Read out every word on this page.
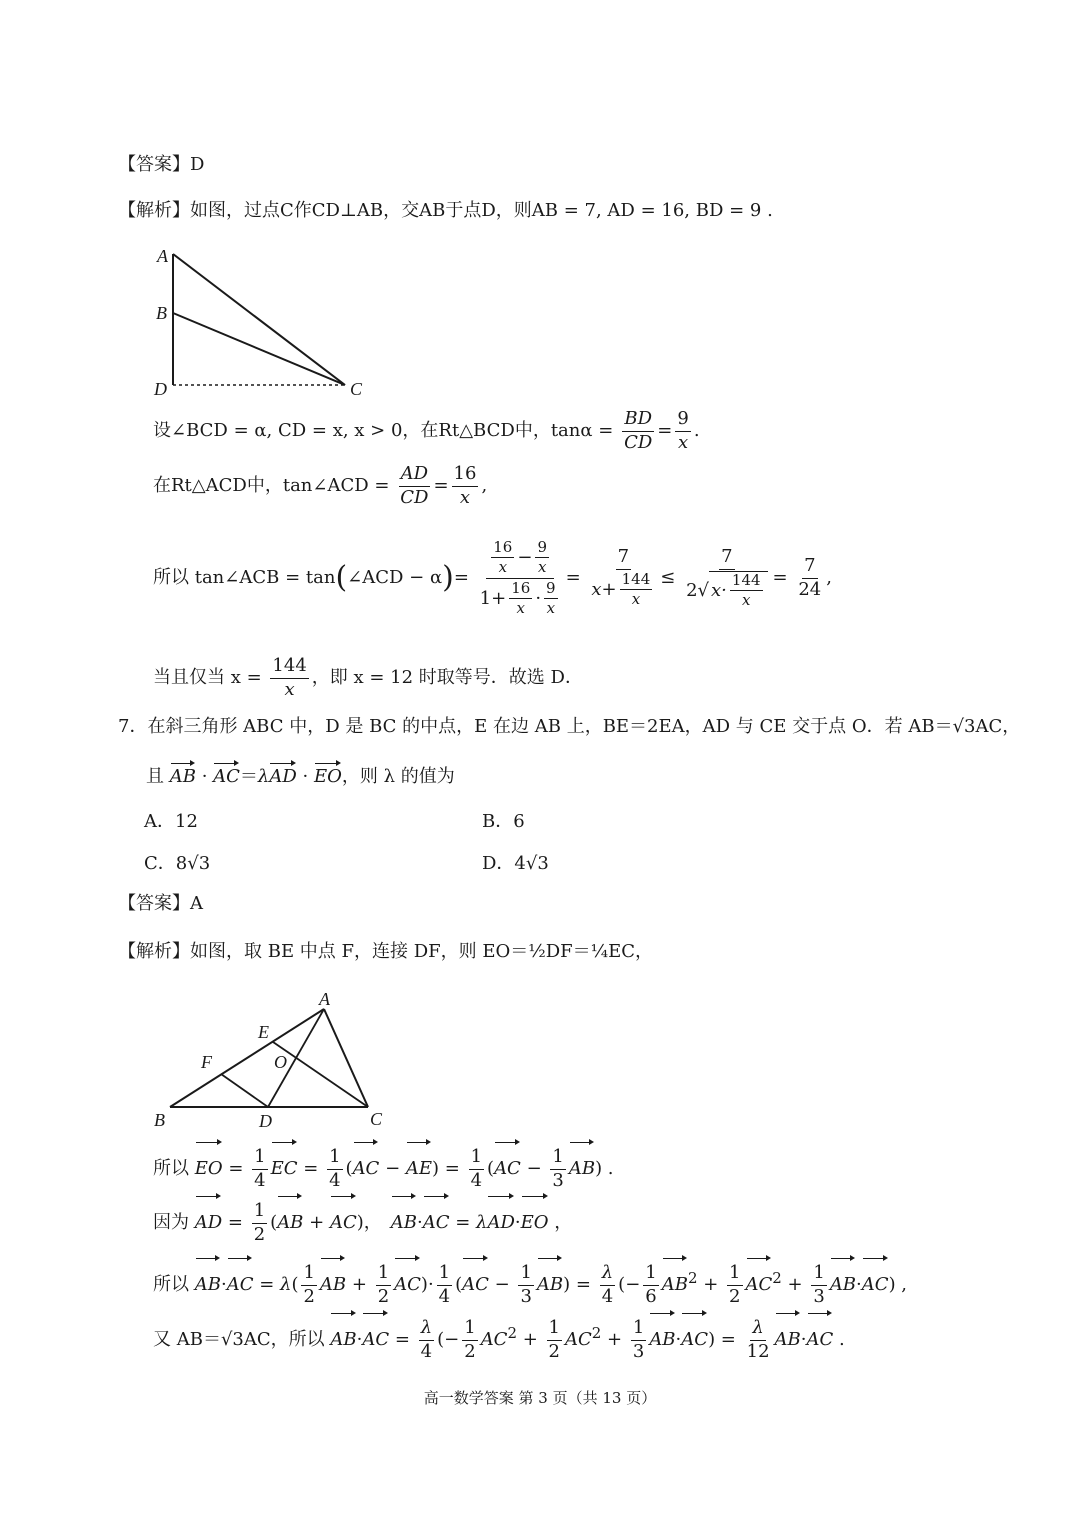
【答案】D
【解析】如图，过点C作CD⊥AB，交AB于点D，则AB = 7, AD = 16, BD = 9 .
A
B
D	C
设∠BCD = α, CD = x, x > 0，在Rt△BCD中，$\tan\alpha = \frac{BD}{CD} = \frac{9}{x}$ .
在Rt△ACD中，tan∠ACD = $\frac{AD}{CD} = \frac{16}{x}$ ,
所以 tan∠ACB = tan(∠ACD − $\alpha)= \frac{\frac{16}{x} - \frac{9}{x}}{1+ \frac{16}{x} \cdot \frac{9}{x}} = \frac{7}{x+ \frac{144}{x}} \le \frac{7}{2√ x\cdot \frac{144}{x}} = \frac{7}{24}$ ,
当且仅当 $x = \frac{144}{x}$ ，即 x = 12 时取等号．故选 D．
7．在斜三角形 ABC 中，D 是 BC 的中点，E 在边 AB 上，BE＝2EA，AD 与 CE 交于点 O．若 AB＝√3AC，
且 AB · AC＝λAD · EO，则 λ 的值为
A．12	B．6
C．8√3	D．4√3
【答案】A
【解析】如图，取 BE 中点 F，连接 DF，则 EO＝½DF＝¼EC，
A
E
F	O
B	D	C
所以 EO = $\frac{1}{4}$ EC = $\frac{1}{4} (AC - AE) = \frac{1}{4} (AC - \frac{1}{3} AB)$ .
因为 AD = $\frac{1}{2} (AB + AC)$，　AB·AC = λAD·EO ，
所以 $AB\cdot AC = \lambda( \frac{1}{2}$ AB + $\frac{1}{2} AC)\cdot \frac{1}{4} (AC - \frac{1}{3} AB) = \frac{\lambda}{4}$ (− $\frac{1}{6} AB^2 + \frac{1}{2} AC^2 + \frac{1}{3} AB\cdot AC$) ,
又 AB＝√3AC，所以 $AB\cdot AC = \frac{\lambda}{4}$ (− $\frac{1}{2} AC^2 + \frac{1}{2} AC^2 + \frac{1}{3} AB\cdot AC) = \frac{\lambda}{12} AB\cdot AC$ .
高一数学答案 第 3 页（共 13 页）
